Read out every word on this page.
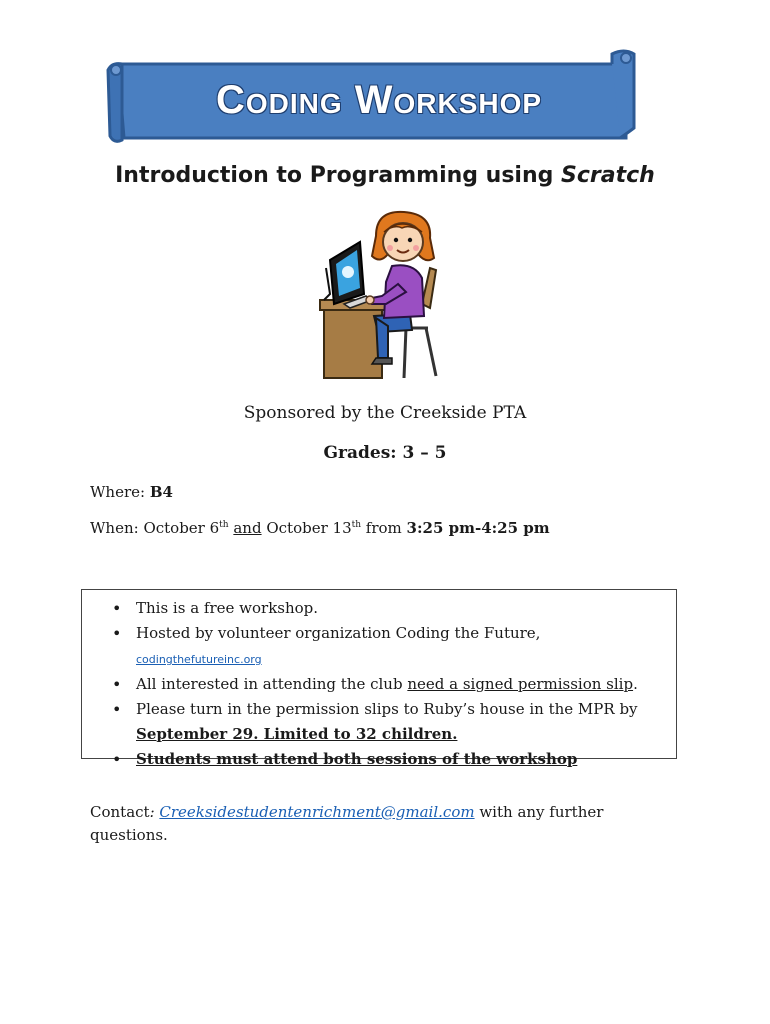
Coding Workshop
Introduction to Programming using Scratch
Sponsored by the Creekside PTA
Grades: 3 – 5
Where: B4
When: October 6th and October 13th from 3:25 pm-4:25 pm
• This is a free workshop.
• Hosted by volunteer organization Coding the Future, codingthefutureinc.org
• All interested in attending the club need a signed permission slip.
• Please turn in the permission slips to Ruby’s house in the MPR by September 29. Limited to 32 children.
• Students must attend both sessions of the workshop
Contact: Creeksidestudentenrichment@gmail.com with any further questions.
